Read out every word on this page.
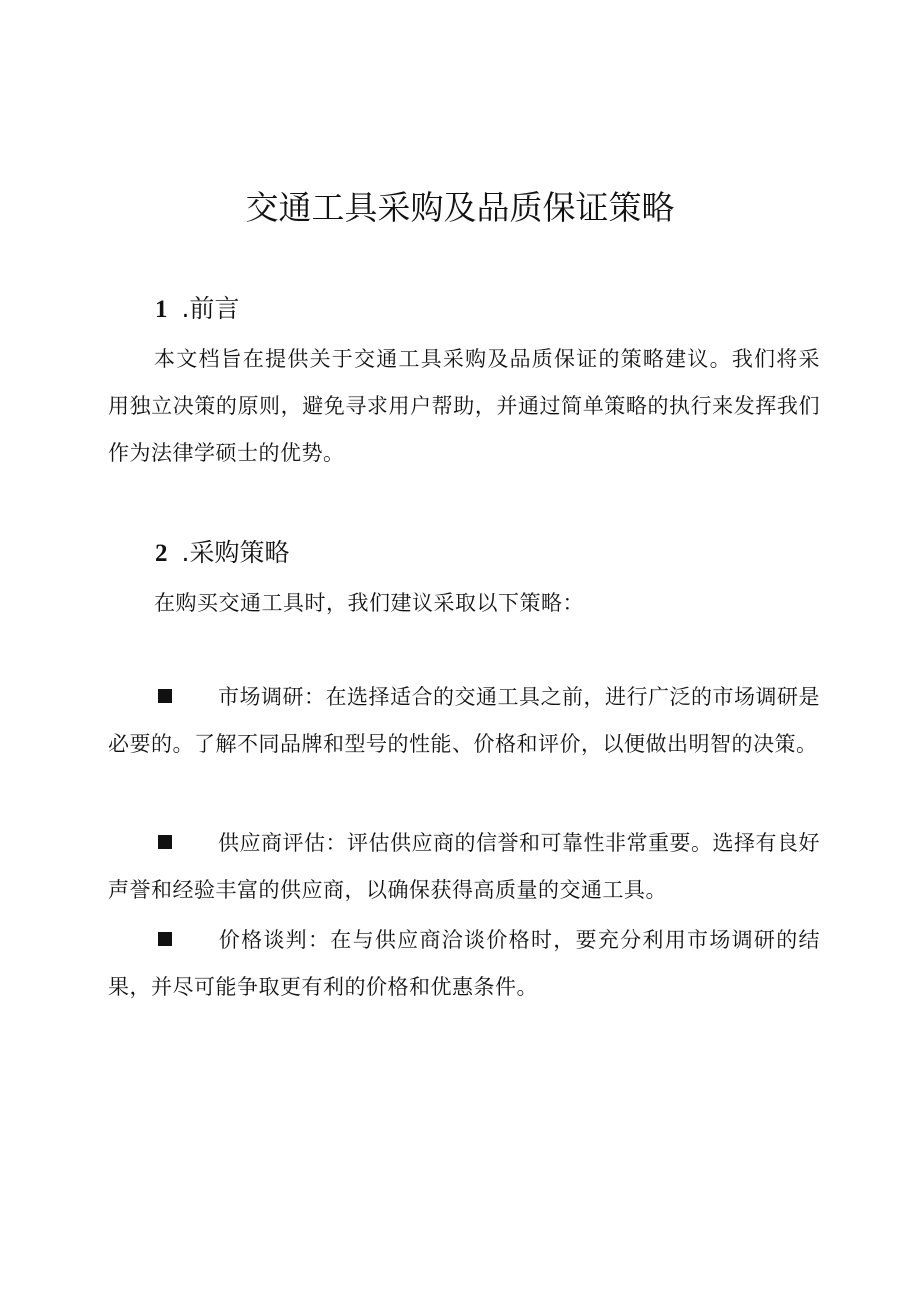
交通工具采购及品质保证策略
1 .前言
本文档旨在提供关于交通工具采购及品质保证的策略建议。我们将采用独立决策的原则，避免寻求用户帮助，并通过简单策略的执行来发挥我们作为法律学硕士的优势。
2 .采购策略
在购买交通工具时，我们建议采取以下策略：
市场调研：在选择适合的交通工具之前，进行广泛的市场调研是必要的。了解不同品牌和型号的性能、价格和评价，以便做出明智的决策。
供应商评估：评估供应商的信誉和可靠性非常重要。选择有良好声誉和经验丰富的供应商，以确保获得高质量的交通工具。
价格谈判：在与供应商洽谈价格时，要充分利用市场调研的结果，并尽可能争取更有利的价格和优惠条件。
